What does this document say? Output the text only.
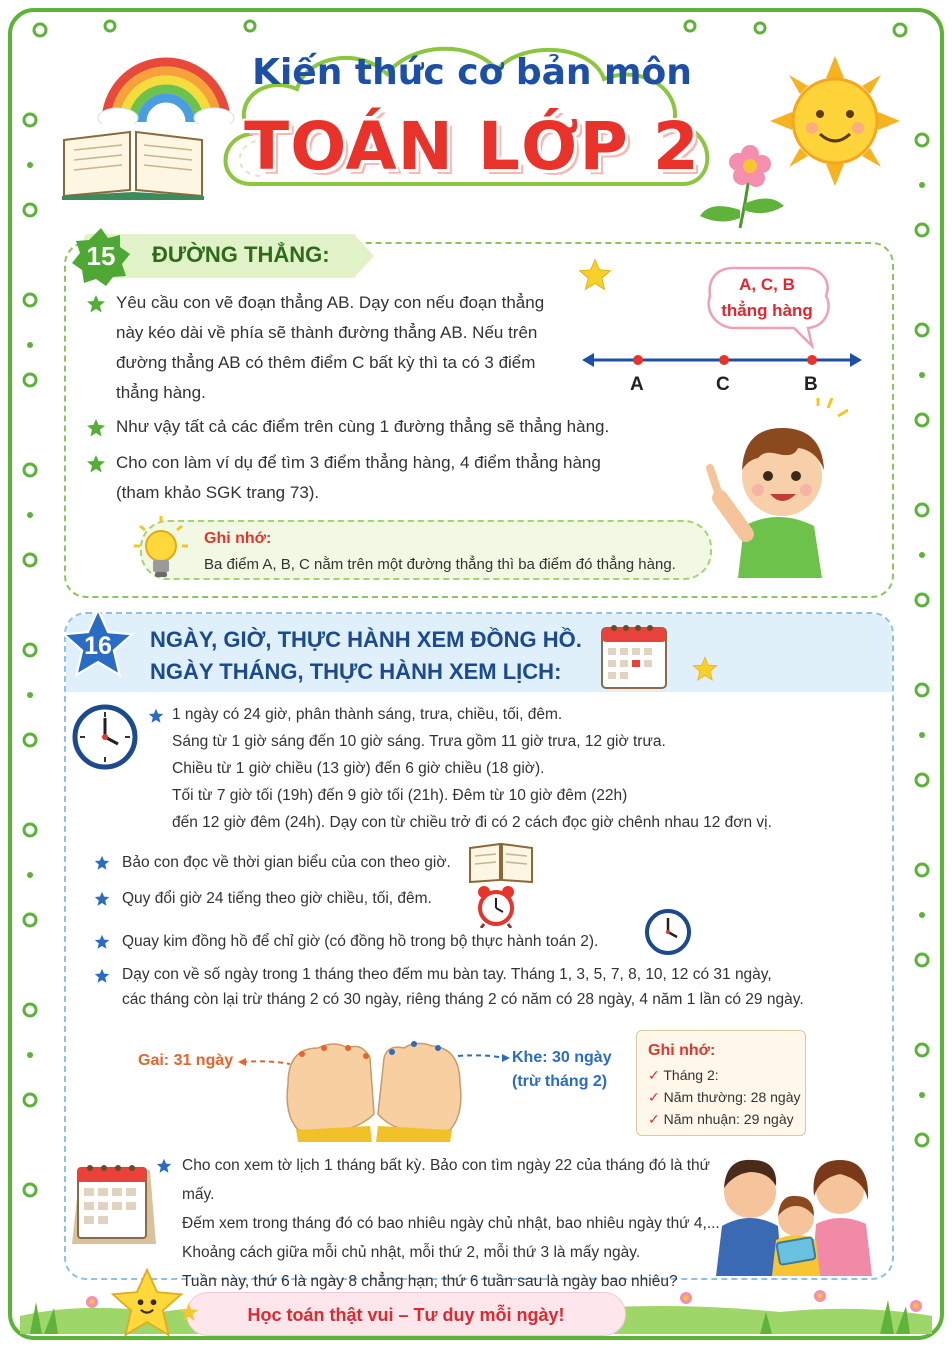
Kiến thức cơ bản môn
TOÁN LỚP 2
15	ĐƯỜNG THẲNG:
Yêu cầu con vẽ đoạn thẳng AB. Dạy con nếu đoạn thẳng
này kéo dài về phía sẽ thành đường thẳng AB. Nếu trên
đường thẳng AB có thêm điểm C bất kỳ thì ta có 3 điểm
thẳng hàng.
Như vậy tất cả các điểm trên cùng 1 đường thẳng sẽ thẳng hàng.
Cho con làm ví dụ để tìm 3 điểm thẳng hàng, 4 điểm thẳng hàng
(tham khảo SGK trang 73).
A, C, B
thẳng hàng
A	C	B
Ghi nhớ:
Ba điểm A, B, C nằm trên một đường thẳng thì ba điểm đó thẳng hàng.
16	NGÀY, GIỜ, THỰC HÀNH XEM ĐỒNG HỒ.
NGÀY THÁNG, THỰC HÀNH XEM LỊCH:
1 ngày có 24 giờ, phân thành sáng, trưa, chiều, tối, đêm.
Sáng từ 1 giờ sáng đến 10 giờ sáng. Trưa gồm 11 giờ trưa, 12 giờ trưa.
Chiều từ 1 giờ chiều (13 giờ) đến 6 giờ chiều (18 giờ).
Tối từ 7 giờ tối (19h) đến 9 giờ tối (21h). Đêm từ 10 giờ đêm (22h)
đến 12 giờ đêm (24h). Dạy con từ chiều trở đi có 2 cách đọc giờ chênh nhau 12 đơn vị.
Bảo con đọc về thời gian biểu của con theo giờ.
Quy đổi giờ 24 tiếng theo giờ chiều, tối, đêm.
Quay kim đồng hồ để chỉ giờ (có đồng hồ trong bộ thực hành toán 2).
Dạy con về số ngày trong 1 tháng theo đếm mu bàn tay. Tháng 1, 3, 5, 7, 8, 10, 12 có 31 ngày,
các tháng còn lại trừ tháng 2 có 30 ngày, riêng tháng 2 có năm có 28 ngày, 4 năm 1 lần có 29 ngày.
Gai: 31 ngày	Khe: 30 ngày
(trừ tháng 2)
Ghi nhớ:
✓ Tháng 2:
✓ Năm thường: 28 ngày
✓ Năm nhuận: 29 ngày
Cho con xem tờ lịch 1 tháng bất kỳ. Bảo con tìm ngày 22 của tháng đó là thứ mấy.
Đếm xem trong tháng đó có bao nhiêu ngày chủ nhật, bao nhiêu ngày thứ 4,...
Khoảng cách giữa mỗi chủ nhật, mỗi thứ 2, mỗi thứ 3 là mấy ngày.
Tuần này, thứ 6 là ngày 8 chẳng hạn, thứ 6 tuần sau là ngày bao nhiêu?
★	Học toán thật vui – Tư duy mỗi ngày!
